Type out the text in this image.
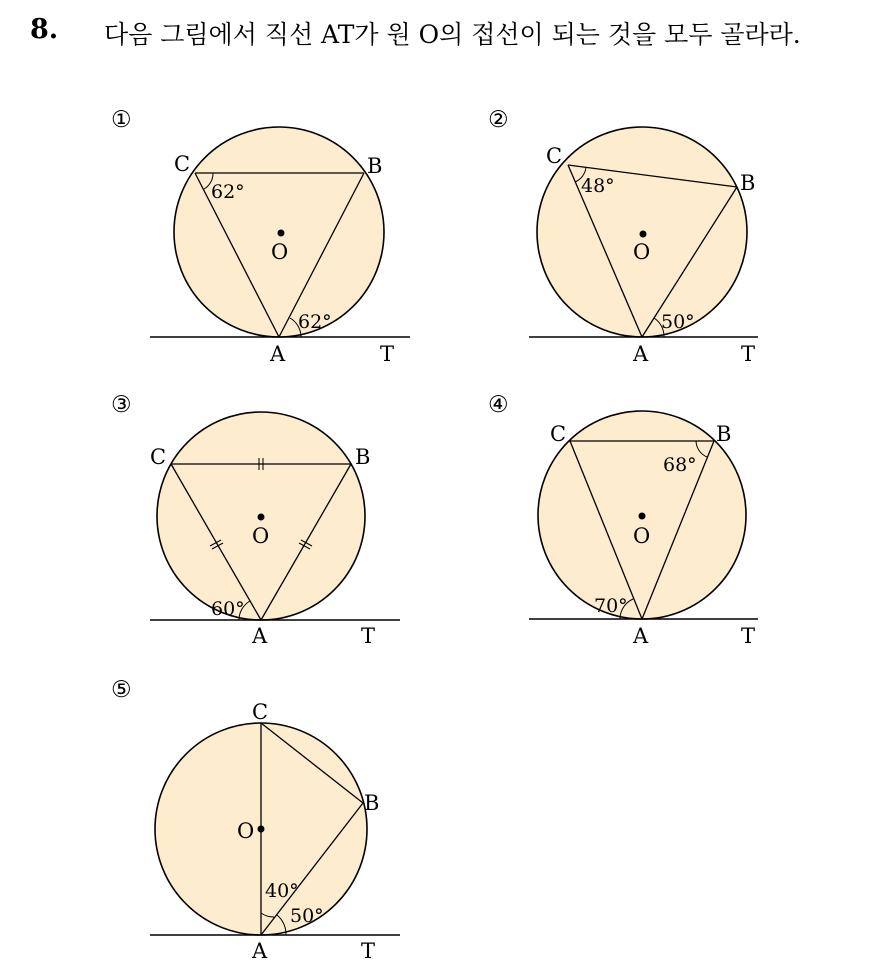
8. 다음 그림에서 직선 AT가 원 O의 접선이 되는 것을 모두 골라라.
①
C	B
O
A	T
62°
62°
②
C
B
O
A	T
48°
50°
③
C	B
O
A	T
60°
④
C	B
O
A	T
68°
70°
⑤
C
B
O
A	T
40°
50°
